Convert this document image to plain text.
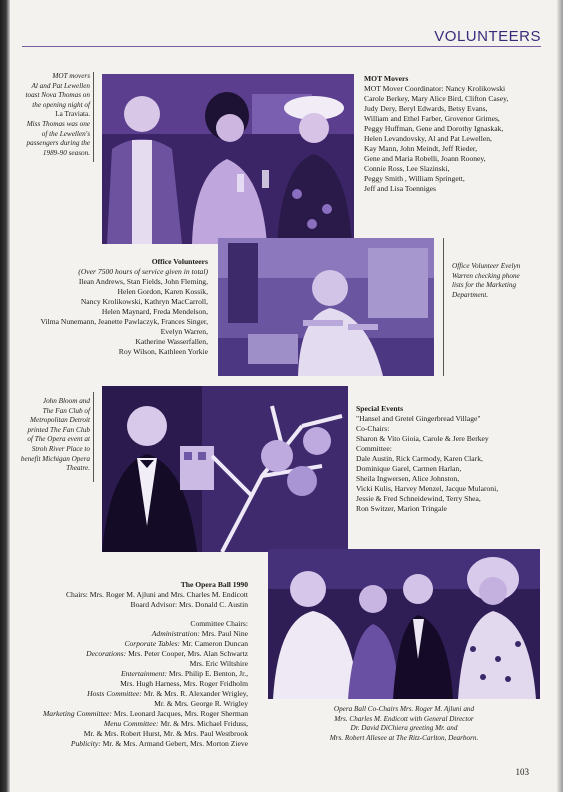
VOLUNTEERS
MOT movers
Al and Pat Lewellen
toast Nova Thomas on
the opening night of
La Traviata.
Miss Thomas was one
of the Lewellen's
passengers during the
1989-90 season.
MOT Movers
MOT Mover Coordinator: Nancy Krolikowski
Carole Berkey, Mary Alice Bird, Clifton Casey,
Judy Dery, Beryl Edwards, Betsy Evans,
William and Ethel Farber, Grovenor Grimes,
Peggy Huffman, Gene and Dorothy Ignaskak,
Helen Levandovsky, Al and Pat Lewellen,
Kay Mann, John Meindt, Jeff Rieder,
Gene and Maria Robelli, Joann Rooney,
Connie Ross, Lee Slazinski,
Peggy Smith , William Springett,
Jeff and Lisa Toenniges
Office Volunteers
(Over 7500 hours of service given in total)
Ilean Andrews, Stan Fields, John Fleming,
Helen Gordon, Karen Kossik,
Nancy Krolikowski, Kathryn MacCarroll,
Helen Maynard, Freda Mendelson,
Vilma Nunemann, Jeanette Pawlaczyk, Frances Singer,
Evelyn Warren,
Katherine Wasserfallen,
Roy Wilson, Kathleen Yorkie
Office Volunteer Evelyn
Warren checking phone
lists for the Marketing
Department.
John Bloom and
The Fan Club of
Metropolitan Detroit
printed The Fan Club
of The Opera event at
Stroh River Place to
benefit Michigan Opera
Theatre.
Special Events
"Hansel and Gretel Gingerbread Village"
Co-Chairs:
Sharon & Vito Gioia, Carole & Jere Berkey
Committee:
Dale Austin, Rick Carmody, Karen Clark,
Dominique Garel, Carmen Harlan,
Sheila Ingwersen, Alice Johnston,
Vicki Kulis, Harvey Menzel, Jacque Mularoni,
Jessie & Fred Schneidewind, Terry Shea,
Ron Switzer, Marion Tringale
The Opera Ball 1990
Chairs: Mrs. Roger M. Ajluni and Mrs. Charles M. Endicott
Board Advisor: Mrs. Donald C. Austin
Committee Chairs:
Administration: Mrs. Paul Nine
Corporate Tables: Mr. Cameron Duncan
Decorations: Mrs. Peter Cooper, Mrs. Alan Schwartz
Mrs. Eric Wiltshire
Entertainment: Mrs. Philip E. Benton, Jr.,
Mrs. Hugh Harness, Mrs. Roger Fridholm
Hosts Committee: Mr. & Mrs. R. Alexander Wrigley,
Mr. & Mrs. George R. Wrigley
Marketing Committee: Mrs. Leonard Jacques, Mrs. Roger Sherman
Menu Committee: Mr. & Mrs. Michael Friduss,
Mr. & Mrs. Robert Hurst, Mr. & Mrs. Paul Westbrook
Publicity: Mr. & Mrs. Armand Gebert, Mrs. Morton Zieve
Opera Ball Co-Chairs Mrs. Roger M. Ajluni and
Mrs. Charles M. Endicott with General Director
Dr. David DiChiera greeting Mr. and
Mrs. Robert Allesee at The Ritz-Carlton, Dearborn.
103
